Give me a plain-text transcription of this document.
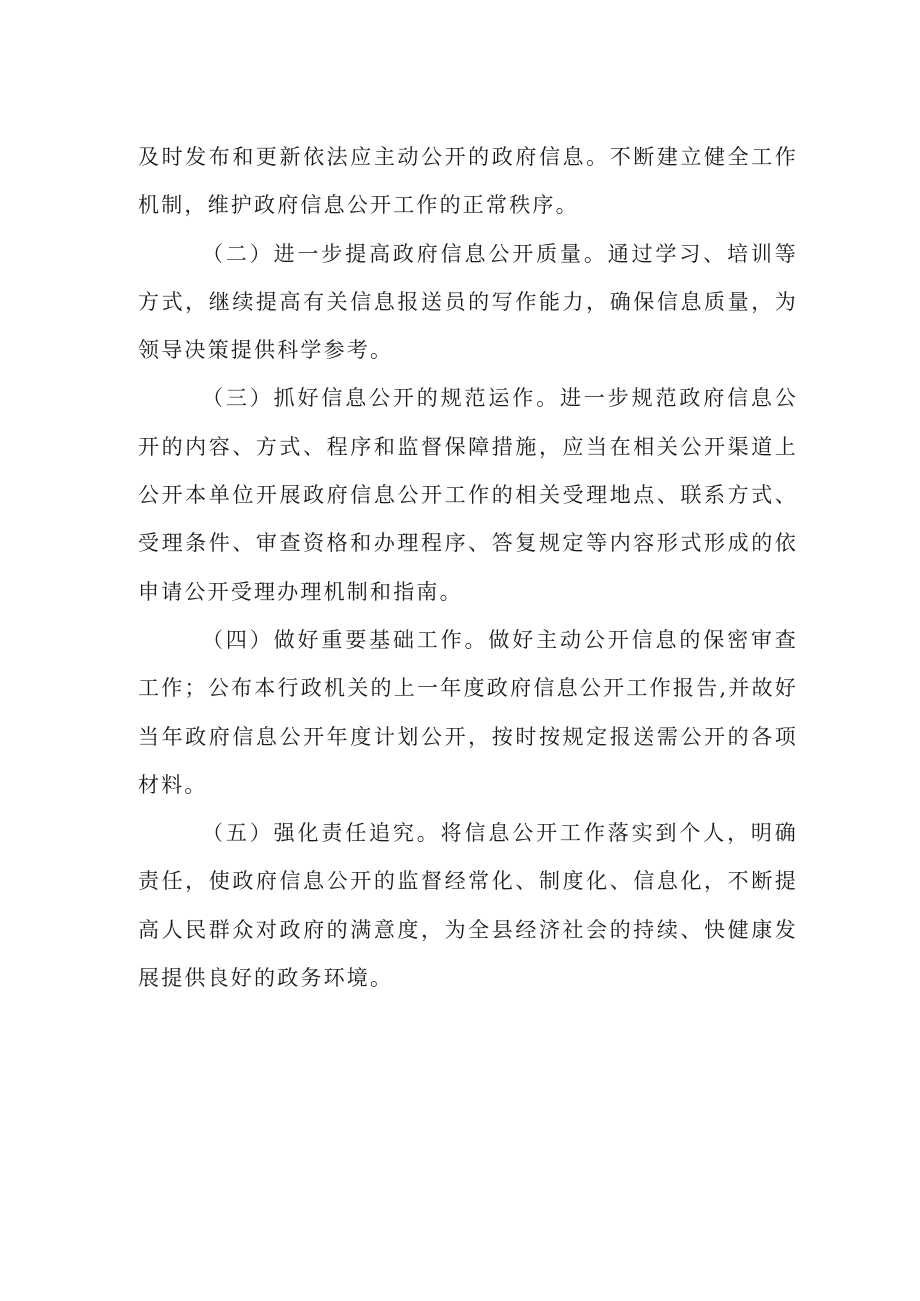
及时发布和更新依法应主动公开的政府信息。不断建立健全工作机制，维护政府信息公开工作的正常秩序。

（二）进一步提高政府信息公开质量。通过学习、培训等方式，继续提高有关信息报送员的写作能力，确保信息质量，为领导决策提供科学参考。

（三）抓好信息公开的规范运作。进一步规范政府信息公开的内容、方式、程序和监督保障措施，应当在相关公开渠道上公开本单位开展政府信息公开工作的相关受理地点、联系方式、受理条件、审查资格和办理程序、答复规定等内容形式形成的依申请公开受理办理机制和指南。

（四）做好重要基础工作。做好主动公开信息的保密审查工作；公布本行政机关的上一年度政府信息公开工作报告,并故好当年政府信息公开年度计划公开，按时按规定报送需公开的各项材料。

（五）强化责任追究。将信息公开工作落实到个人，明确责任，使政府信息公开的监督经常化、制度化、信息化，不断提高人民群众对政府的满意度，为全县经济社会的持续、快健康发展提供良好的政务环境。
